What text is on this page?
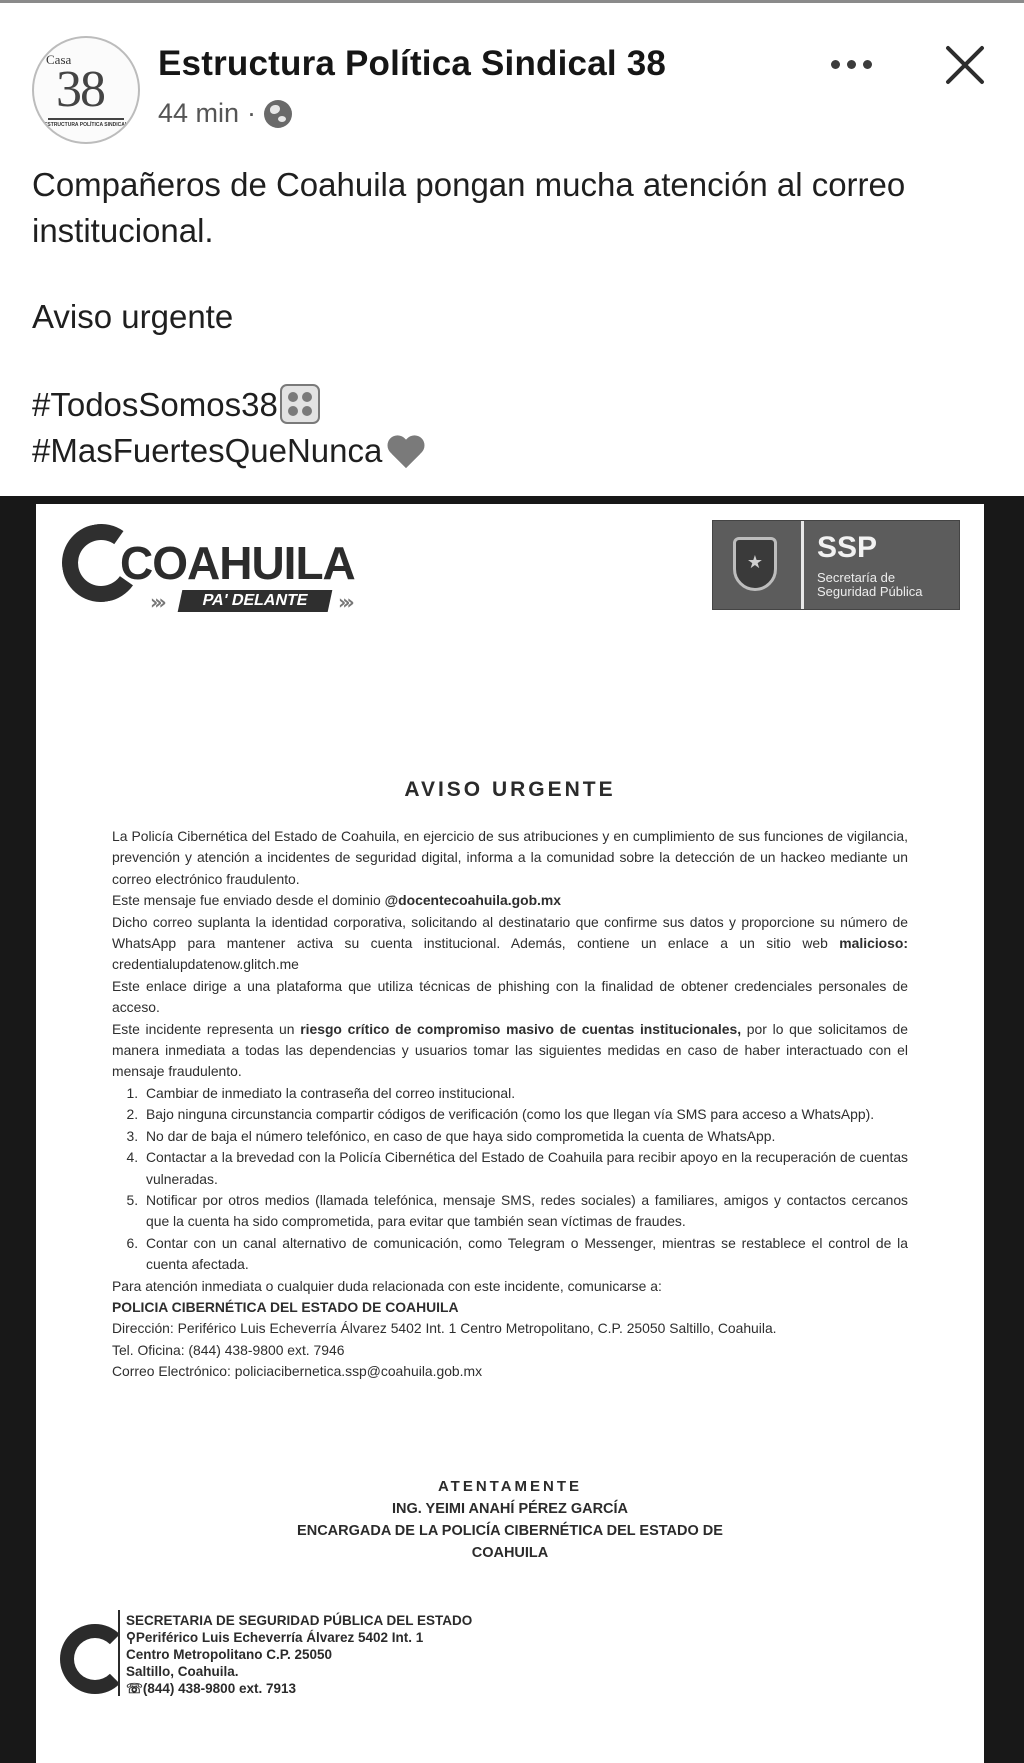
Casa
38
ESTRUCTURA POLÍTICA SINDICAL
Estructura Política Sindical 38
44 min ·

Compañeros de Coahuila pongan mucha atención al correo institucional.

Aviso urgente

#TodosSomos38

#MasFuertesQueNunca

COAHUILA
›››	PA' DELANTE	›››
★	SSP
Secretaría de Seguridad Pública
AVISO URGENTE

La Policía Cibernética del Estado de Coahuila, en ejercicio de sus atribuciones y en cumplimiento de sus funciones de vigilancia, prevención y atención a incidentes de seguridad digital, informa a la comunidad sobre la detección de un hackeo mediante un correo electrónico fraudulento.

Este mensaje fue enviado desde el dominio @docentecoahuila.gob.mx

Dicho correo suplanta la identidad corporativa, solicitando al destinatario que confirme sus datos y proporcione su número de WhatsApp para mantener activa su cuenta institucional. Además, contiene un enlace a un sitio web malicioso: credentialupdatenow.glitch.me

Este enlace dirige a una plataforma que utiliza técnicas de phishing con la finalidad de obtener credenciales personales de acceso.

Este incidente representa un riesgo crítico de compromiso masivo de cuentas institucionales, por lo que solicitamos de manera inmediata a todas las dependencias y usuarios tomar las siguientes medidas en caso de haber interactuado con el mensaje fraudulento.

1. Cambiar de inmediato la contraseña del correo institucional.
2. Bajo ninguna circunstancia compartir códigos de verificación (como los que llegan vía SMS para acceso a WhatsApp).
3. No dar de baja el número telefónico, en caso de que haya sido comprometida la cuenta de WhatsApp.
4. Contactar a la brevedad con la Policía Cibernética del Estado de Coahuila para recibir apoyo en la recuperación de cuentas vulneradas.
5. Notificar por otros medios (llamada telefónica, mensaje SMS, redes sociales) a familiares, amigos y contactos cercanos que la cuenta ha sido comprometida, para evitar que también sean víctimas de fraudes.
6. Contar con un canal alternativo de comunicación, como Telegram o Messenger, mientras se restablece el control de la cuenta afectada.

Para atención inmediata o cualquier duda relacionada con este incidente, comunicarse a:

POLICIA CIBERNÉTICA DEL ESTADO DE COAHUILA

Dirección: Periférico Luis Echeverría Álvarez 5402 Int. 1 Centro Metropolitano, C.P. 25050 Saltillo, Coahuila.

Tel. Oficina: (844) 438-9800 ext. 7946

Correo Electrónico: policiacibernetica.ssp@coahuila.gob.mx

ATENTAMENTE
ING. YEIMI ANAHÍ PÉREZ GARCÍA
ENCARGADA DE LA POLICÍA CIBERNÉTICA DEL ESTADO DE
COAHUILA
SECRETARIA DE SEGURIDAD PÚBLICA DEL ESTADO
⚲Periférico Luis Echeverría Álvarez 5402 Int. 1
Centro Metropolitano C.P. 25050
Saltillo, Coahuila.
☏(844) 438-9800 ext. 7913
